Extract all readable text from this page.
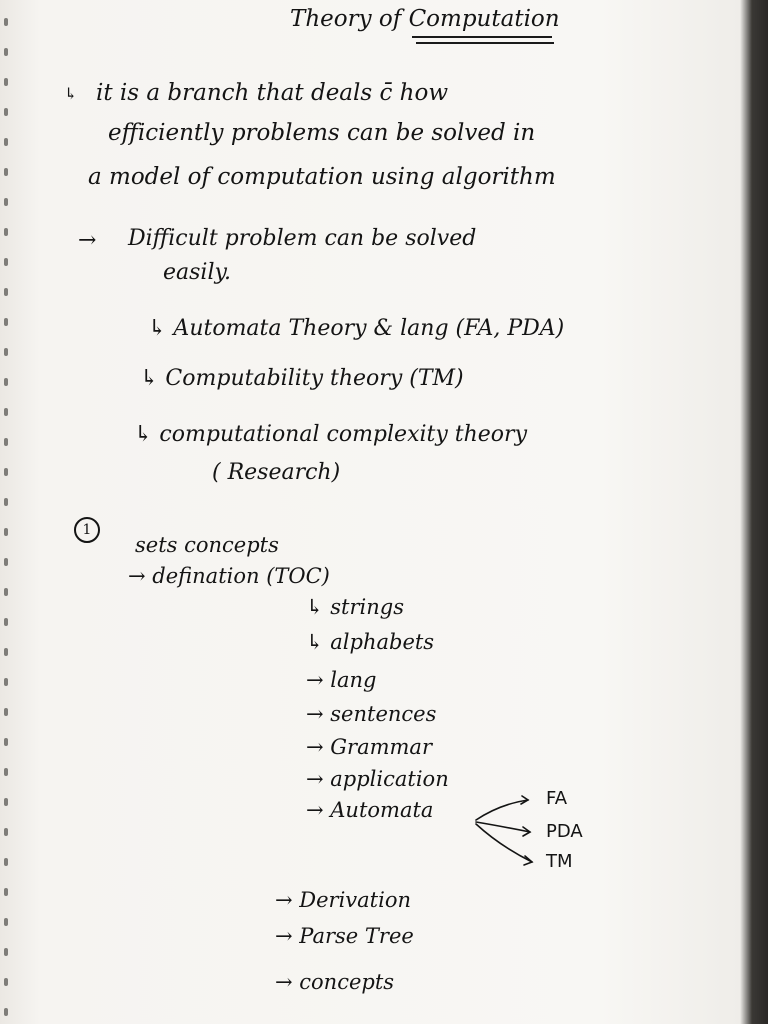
Theory of Computation
↳ it is a branch that deals c̄ how
efficiently problems can be solved in
a model of computation using algorithm
→ Difficult problem can be solved
easily.
↳ Automata Theory & lang (FA, PDA)
↳ Computability theory (TM)
↳ computational complexity theory
( Research)
1
sets concepts
→ defination (TOC)
↳ strings
↳ alphabets
→ lang
→ sentences
→ Grammar
→ application
→ Automata	FA
PDA
TM
→ Derivation
→ Parse Tree
→ concepts
